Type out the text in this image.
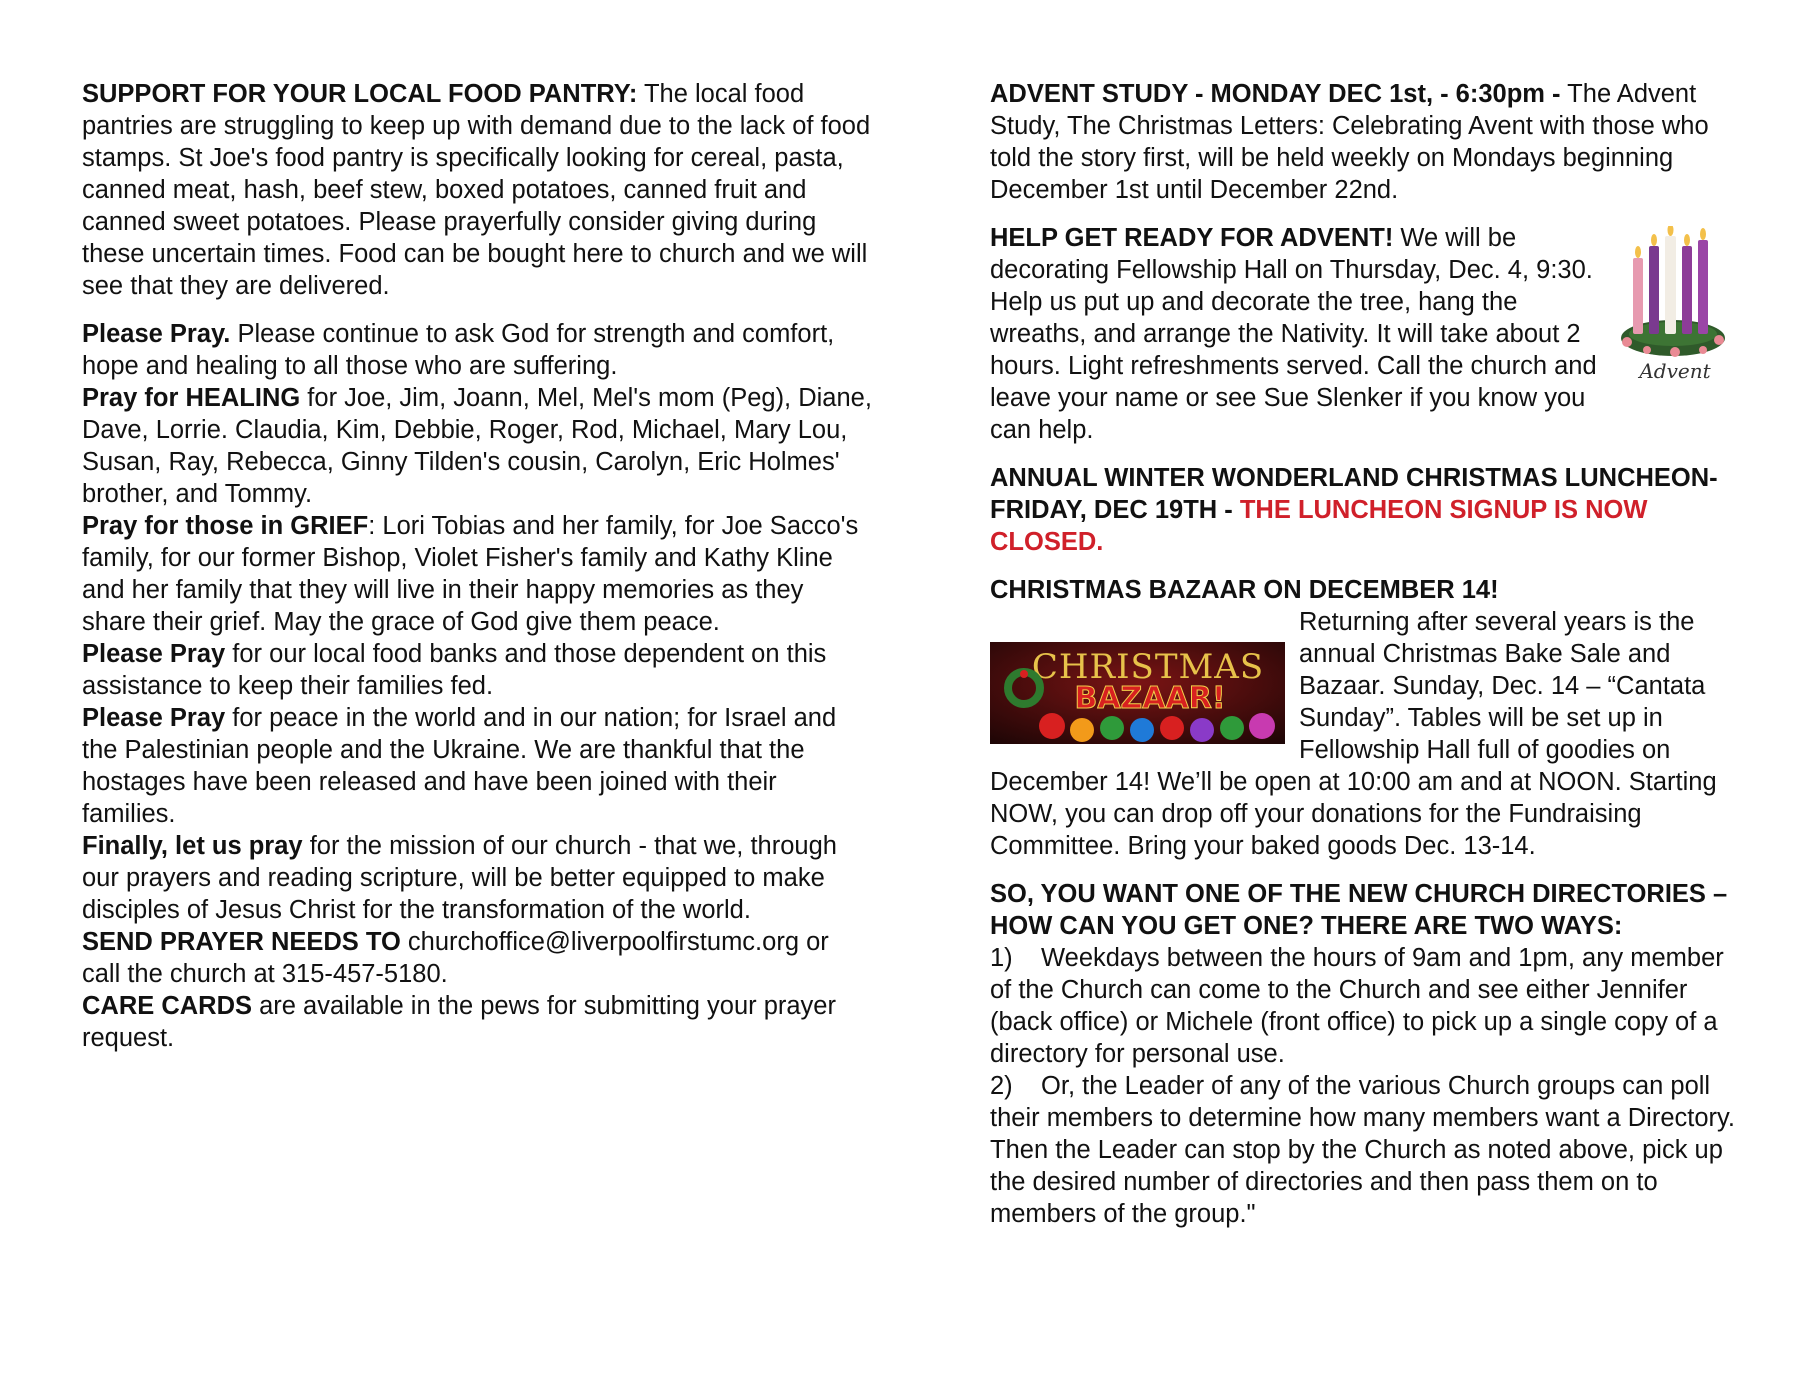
SUPPORT FOR YOUR LOCAL FOOD PANTRY: The local food pantries are struggling to keep up with demand due to the lack of food stamps. St Joe's food pantry is specifically looking for cereal, pasta, canned meat, hash, beef stew, boxed potatoes, canned fruit and canned sweet potatoes. Please prayerfully consider giving during these uncertain times. Food can be bought here to church and we will see that they are delivered.

Please Pray. Please continue to ask God for strength and comfort, hope and healing to all those who are suffering.

Pray for HEALING for Joe, Jim, Joann, Mel, Mel's mom (Peg), Diane, Dave, Lorrie. Claudia, Kim, Debbie, Roger, Rod, Michael, Mary Lou, Susan, Ray, Rebecca, Ginny Tilden's cousin, Carolyn, Eric Holmes' brother, and Tommy.

Pray for those in GRIEF: Lori Tobias and her family, for Joe Sacco's family, for our former Bishop, Violet Fisher's family and Kathy Kline and her family that they will live in their happy memories as they share their grief. May the grace of God give them peace.

Please Pray for our local food banks and those dependent on this assistance to keep their families fed.

Please Pray for peace in the world and in our nation; for Israel and the Palestinian people and the Ukraine. We are thankful that the hostages have been released and have been joined with their families.

Finally, let us pray for the mission of our church - that we, through our prayers and reading scripture, will be better equipped to make disciples of Jesus Christ for the transformation of the world.

SEND PRAYER NEEDS TO churchoffice@liverpoolfirstumc.org or call the church at 315-457-5180.

CARE CARDS are available in the pews for submitting your prayer request.

ADVENT STUDY - MONDAY DEC 1st, - 6:30pm - The Advent Study, The Christmas Letters: Celebrating Avent with those who told the story first, will be held weekly on Mondays beginning December 1st until December 22nd.

Advent

HELP GET READY FOR ADVENT! We will be decorating Fellowship Hall on Thursday, Dec. 4, 9:30. Help us put up and decorate the tree, hang the wreaths, and arrange the Nativity. It will take about 2 hours. Light refreshments served. Call the church and leave your name or see Sue Slenker if you know you can help.

ANNUAL WINTER WONDERLAND CHRISTMAS LUNCHEON-FRIDAY, DEC 19TH - THE LUNCHEON SIGNUP IS NOW CLOSED.

CHRISTMAS BAZAAR ON DECEMBER 14!

CHRISTMAS
BAZAAR!

Returning after several years is the annual Christmas Bake Sale and Bazaar. Sunday, Dec. 14 – “Cantata Sunday”. Tables will be set up in Fellowship Hall full of goodies on December 14! We’ll be open at 10:00 am and at NOON. Starting NOW, you can drop off your donations for the Fundraising Committee. Bring your baked goods Dec. 13-14.

SO, YOU WANT ONE OF THE NEW CHURCH DIRECTORIES – HOW CAN YOU GET ONE? THERE ARE TWO WAYS:

1) Weekdays between the hours of 9am and 1pm, any member of the Church can come to the Church and see either Jennifer (back office) or Michele (front office) to pick up a single copy of a directory for personal use.

2) Or, the Leader of any of the various Church groups can poll their members to determine how many members want a Directory. Then the Leader can stop by the Church as noted above, pick up the desired number of directories and then pass them on to members of the group."
